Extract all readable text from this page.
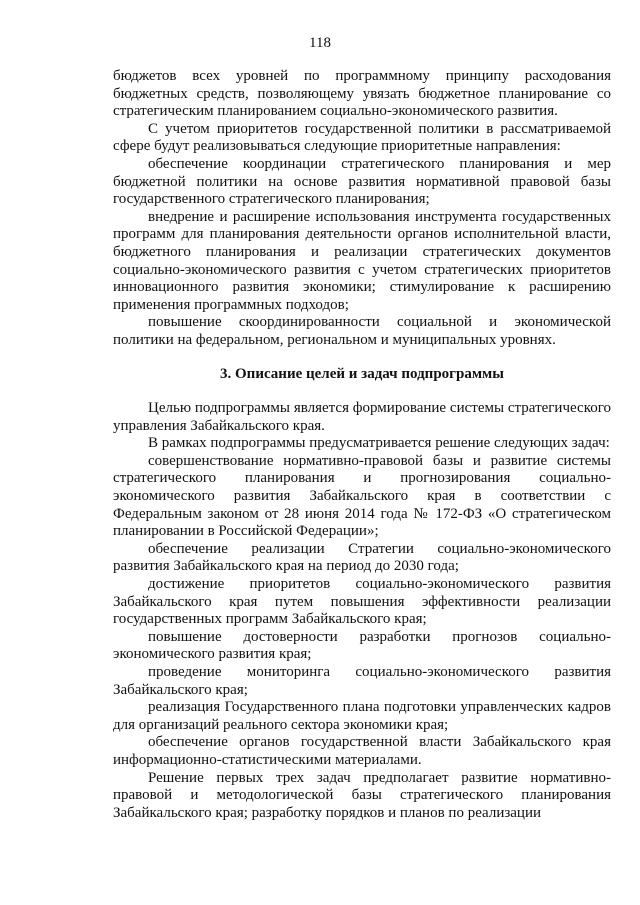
118

бюджетов всех уровней по программному принципу расходования бюджетных средств, позволяющему увязать бюджетное планирование со стратегическим планированием социально-экономического развития.

С учетом приоритетов государственной политики в рассматриваемой сфере будут реализовываться следующие приоритетные направления:

обеспечение координации стратегического планирования и мер бюджетной политики на основе развития нормативной правовой базы государственного стратегического планирования;

внедрение и расширение использования инструмента государственных программ для планирования деятельности органов исполнительной власти, бюджетного планирования и реализации стратегических документов социально-экономического развития с учетом стратегических приоритетов инновационного развития экономики; стимулирование к расширению применения программных подходов;

повышение скоординированности социальной и экономической политики на федеральном, региональном и муниципальных уровнях.

3. Описание целей и задач подпрограммы

Целью подпрограммы является формирование системы стратегического управления Забайкальского края.

В рамках подпрограммы предусматривается решение следующих задач:

совершенствование нормативно-правовой базы и развитие системы стратегического планирования и прогнозирования социально-экономического развития Забайкальского края в соответствии с Федеральным законом от 28 июня 2014 года № 172-ФЗ «О стратегическом планировании в Российской Федерации»;

обеспечение реализации Стратегии социально-экономического развития Забайкальского края на период до 2030 года;

достижение приоритетов социально-экономического развития Забайкальского края путем повышения эффективности реализации государственных программ Забайкальского края;

повышение достоверности разработки прогнозов социально-экономического развития края;

проведение мониторинга социально-экономического развития Забайкальского края;

реализация Государственного плана подготовки управленческих кадров для организаций реального сектора экономики края;

обеспечение органов государственной власти Забайкальского края информационно-статистическими материалами.

Решение первых трех задач предполагает развитие нормативно-правовой и методологической базы стратегического планирования Забайкальского края; разработку порядков и планов по реализации
